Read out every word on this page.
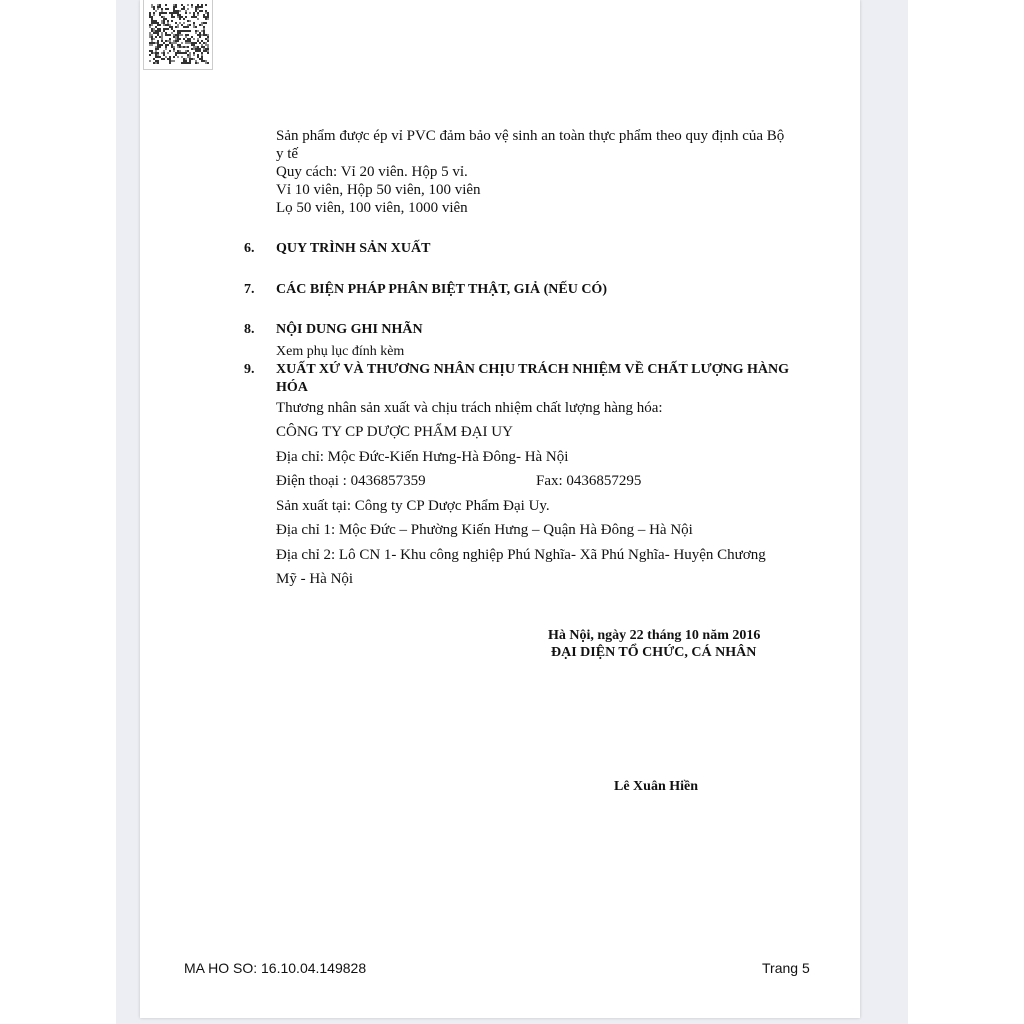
Sản phẩm được ép vỉ PVC đảm bảo vệ sinh an toàn thực phẩm theo quy định của Bộ
y tế
Quy cách: Vỉ 20 viên. Hộp 5 vỉ.
Vỉ 10 viên, Hộp 50 viên, 100 viên
Lọ 50 viên, 100 viên, 1000 viên
6. QUY TRÌNH SẢN XUẤT
7. CÁC BIỆN PHÁP PHÂN BIỆT THẬT, GIẢ (NẾU CÓ)
8. NỘI DUNG GHI NHÃN
Xem phụ lục đính kèm
9. XUẤT XỨ VÀ THƯƠNG NHÂN CHỊU TRÁCH NHIỆM VỀ CHẤT LƯỢNG HÀNG
HÓA
Thương nhân sản xuất và chịu trách nhiệm chất lượng hàng hóa:
CÔNG TY CP DƯỢC PHẨM ĐẠI UY
Địa chỉ: Mộc Đức-Kiến Hưng-Hà Đông- Hà Nội
Điện thoại : 0436857359	Fax: 0436857295
Sản xuất tại: Công ty CP Dược Phẩm Đại Uy.
Địa chỉ 1: Mộc Đức – Phường Kiến Hưng – Quận Hà Đông – Hà Nội
Địa chỉ 2: Lô CN 1- Khu công nghiệp Phú Nghĩa- Xã Phú Nghĩa- Huyện Chương
Mỹ - Hà Nội
Hà Nội, ngày 22 tháng 10 năm 2016
ĐẠI DIỆN TỔ CHỨC, CÁ NHÂN
Lê Xuân Hiền
MA HO SO: 16.10.04.149828	Trang 5
